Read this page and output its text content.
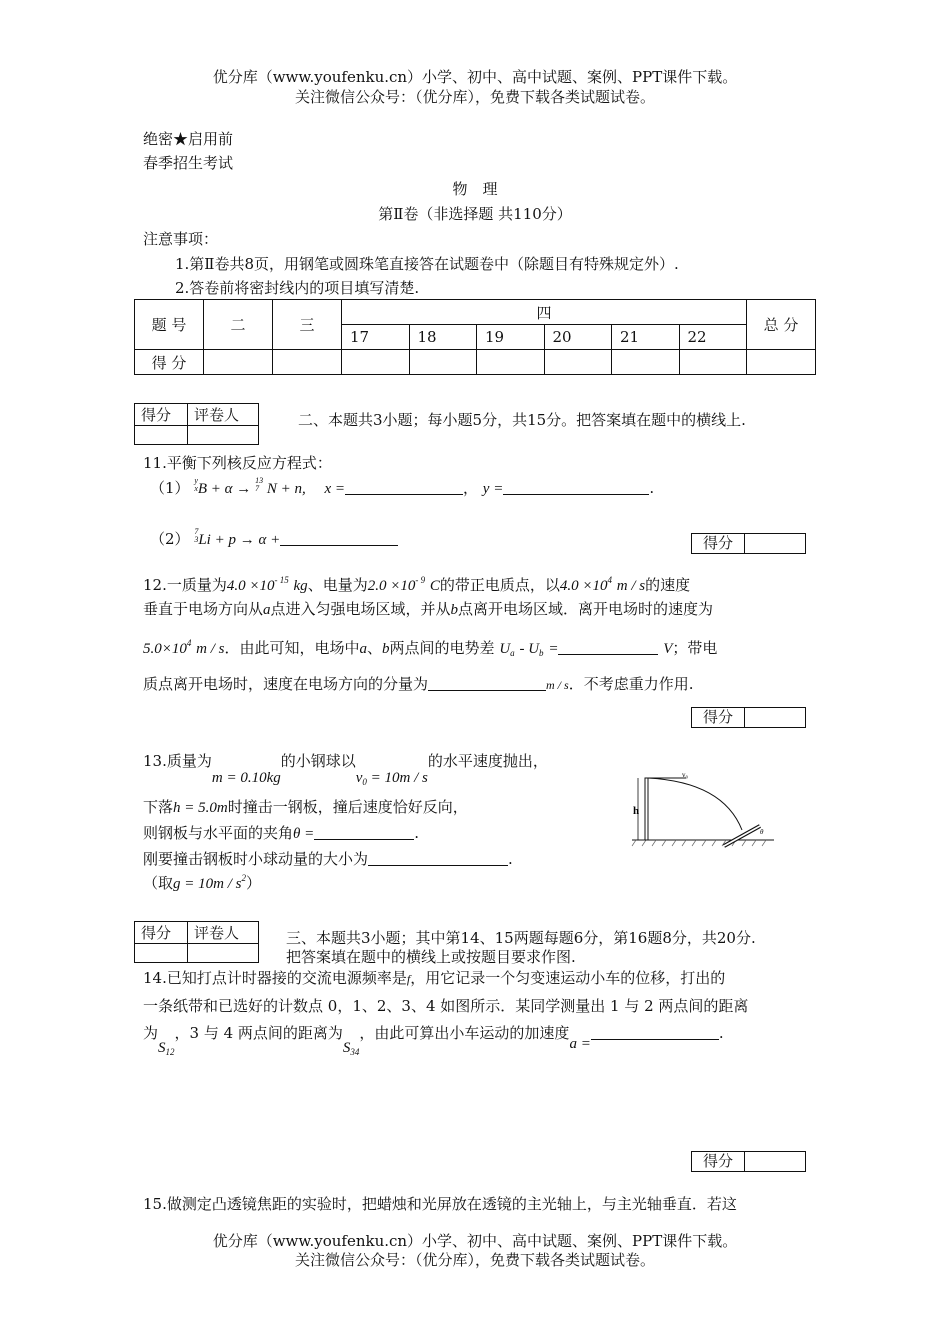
优分库（www.youfenku.cn）小学、初中、高中试题、案例、PPT课件下载。
关注微信公众号：（优分库），免费下载各类试题试卷。
绝密★启用前
春季招生考试
物　理
第Ⅱ卷（非选择题 共110分）
注意事项：
1.第Ⅱ卷共8页，用钢笔或圆珠笔直接答在试题卷中（除题目有特殊规定外）.
2.答卷前将密封线内的项目填写清楚.
题 号	二	三	四						总 分
			17	18	19	20	21	22	
得 分									
得分	评卷人
		二、本题共3小题；每小题5分，共15分。把答案填在题中的横线上.
11.平衡下列核反应方程式：
（1） y
xB + α → 13
7 N + n, x =	， y =	.
（2） 7
3Li + p → α +	得分
12.一质量为$4.0 \times 10^{- 15}$ kg、电量为$2.0 \times 10^{- 9}$ C的带正电质点，以$4.0 \times 10^4$ m / s的速度
垂直于电场方向从a点进入匀强电场区域，并从b点离开电场区域．离开电场时的速度为
$5.0\times 10^4$ m / s．由此可知，电场中a、b两点间的电势差 $U_a - U_b$ =	V；带电
质点离开电场时，速度在电场方向的分量为	m / s．不考虑重力作用.
得分
13.质量为m = 0.10kg的小钢球以$v_0 = 10m / s$的水平速度抛出，
下落h = 5.0m时撞击一钢板，撞后速度恰好反向，
则钢板与水平面的夹角θ =	.
刚要撞击钢板时小球动量的大小为	.
（取$g = 10m / s^2$）
h
v₀
θ
得分	评卷人
		三、本题共3小题；其中第14、15两题每题6分，第16题8分，共20分.
把答案填在题中的横线上或按题目要求作图.
14.已知打点计时器接的交流电源频率是f，用它记录一个匀变速运动小车的位移，打出的
一条纸带和已选好的计数点 0，1、2、3、4 如图所示．某同学测量出 1 与 2 两点间的距离
为$S_{12}$，3 与 4 两点间的距离为$S_{34}$，由此可算出小车运动的加速度a =.
得分
15.做测定凸透镜焦距的实验时，把蜡烛和光屏放在透镜的主光轴上，与主光轴垂直．若这
优分库（www.youfenku.cn）小学、初中、高中试题、案例、PPT课件下载。
关注微信公众号：（优分库），免费下载各类试题试卷。
